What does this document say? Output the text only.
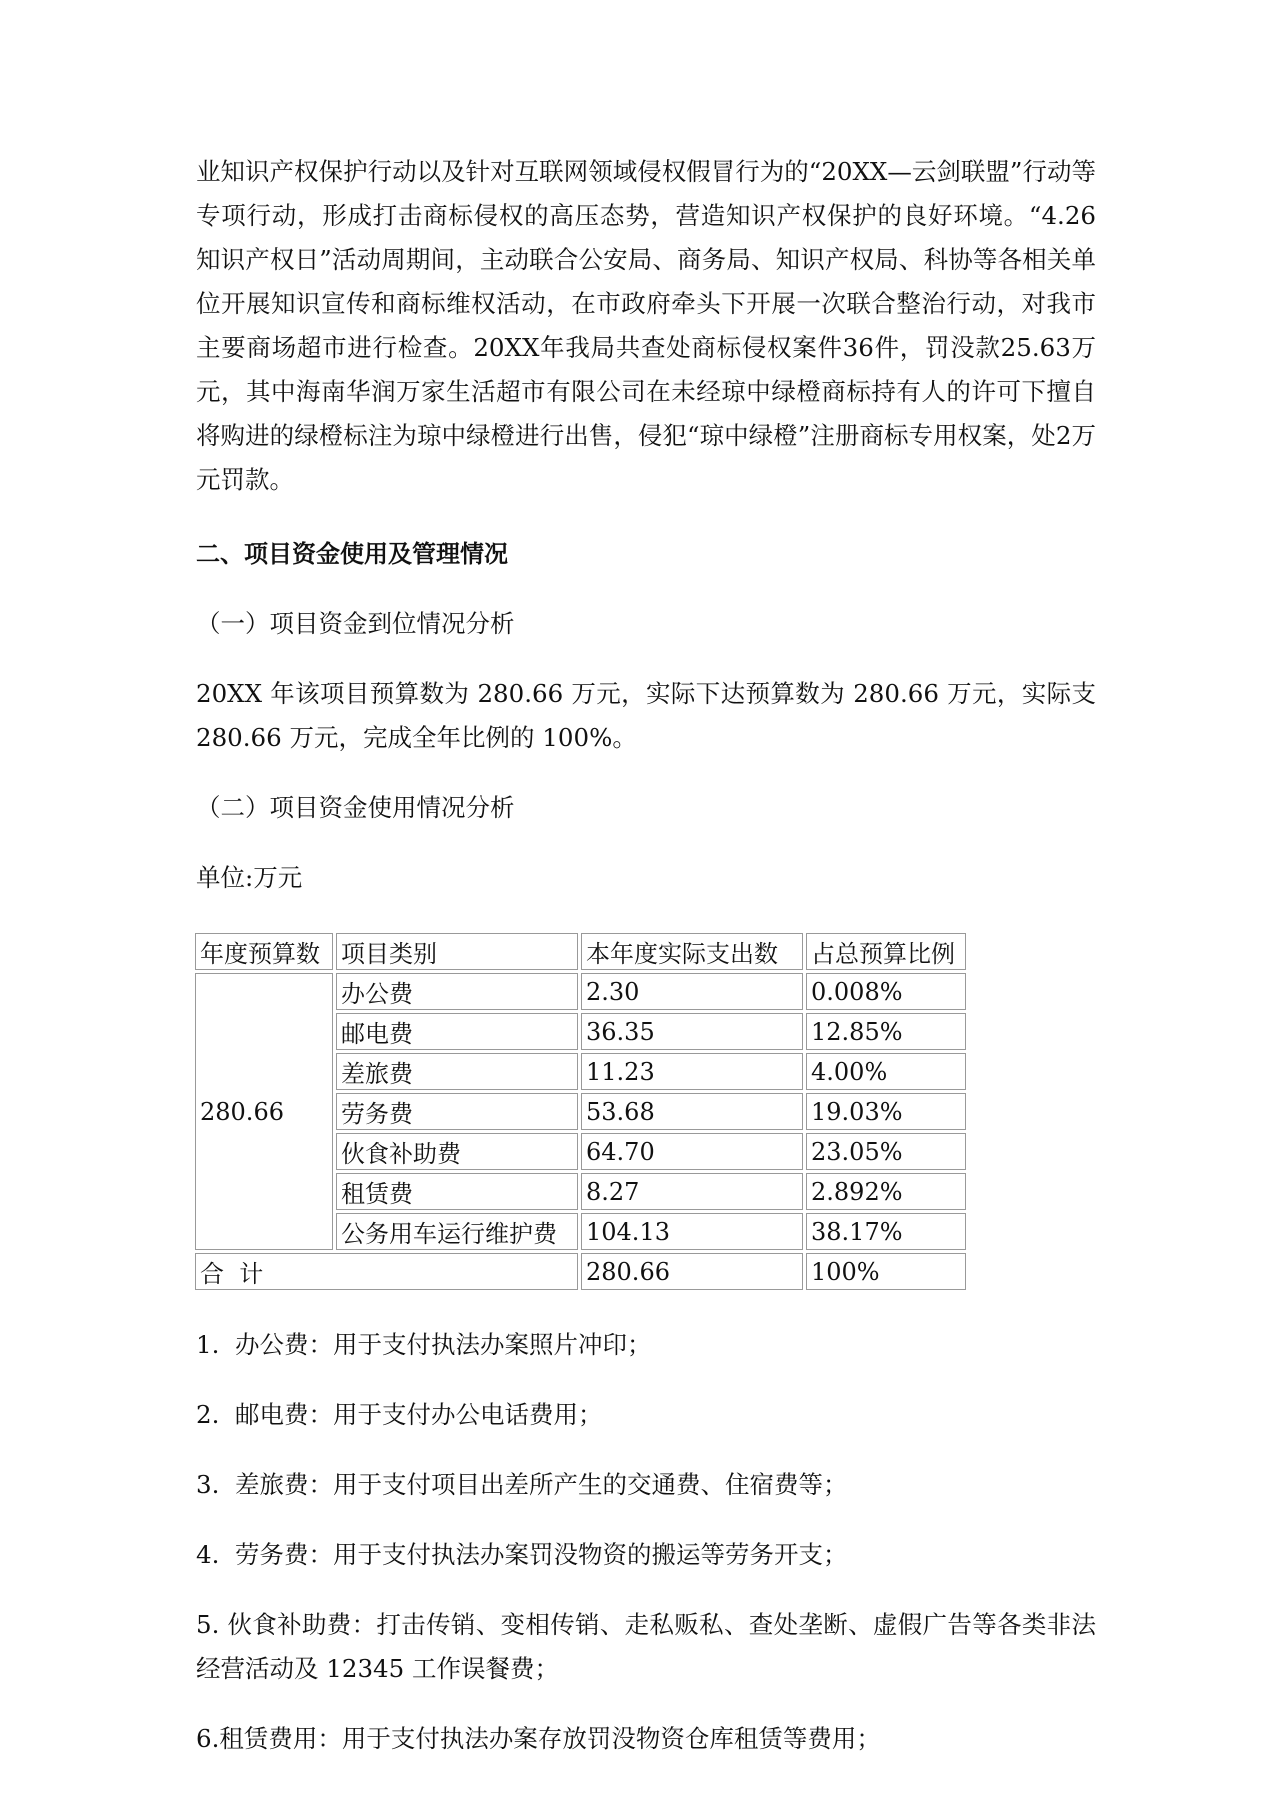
业知识产权保护行动以及针对互联网领域侵权假冒行为的“20XX—云剑联盟”行动等专项行动，形成打击商标侵权的高压态势，营造知识产权保护的良好环境。“4.26知识产权日”活动周期间，主动联合公安局、商务局、知识产权局、科协等各相关单位开展知识宣传和商标维权活动，在市政府牵头下开展一次联合整治行动，对我市主要商场超市进行检查。20XX年我局共查处商标侵权案件36件，罚没款25.63万元，其中海南华润万家生活超市有限公司在未经琼中绿橙商标持有人的许可下擅自将购进的绿橙标注为琼中绿橙进行出售，侵犯“琼中绿橙”注册商标专用权案，处2万元罚款。

二、项目资金使用及管理情况

（一）项目资金到位情况分析

20XX 年该项目预算数为 280.66 万元，实际下达预算数为 280.66 万元，实际支280.66 万元，完成全年比例的 100%。

（二）项目资金使用情况分析

单位:万元

年度预算数	项目类别	本年度实际支出数	占总预算比例
280.66	办公费	2.30	0.008%
	邮电费	36.35	12.85%
	差旅费	11.23	4.00%
	劳务费	53.68	19.03%
	伙食补助费	64.70	23.05%
	租赁费	8.27	2.892%
	公务用车运行维护费	104.13	38.17%
合  计		280.66	100%

1.  办公费：用于支付执法办案照片冲印；

2.  邮电费：用于支付办公电话费用；

3.  差旅费：用于支付项目出差所产生的交通费、住宿费等；

4.  劳务费：用于支付执法办案罚没物资的搬运等劳务开支；

5. 伙食补助费：打击传销、变相传销、走私贩私、查处垄断、虚假广告等各类非法经营活动及 12345 工作误餐费；

6.租赁费用：用于支付执法办案存放罚没物资仓库租赁等费用；
